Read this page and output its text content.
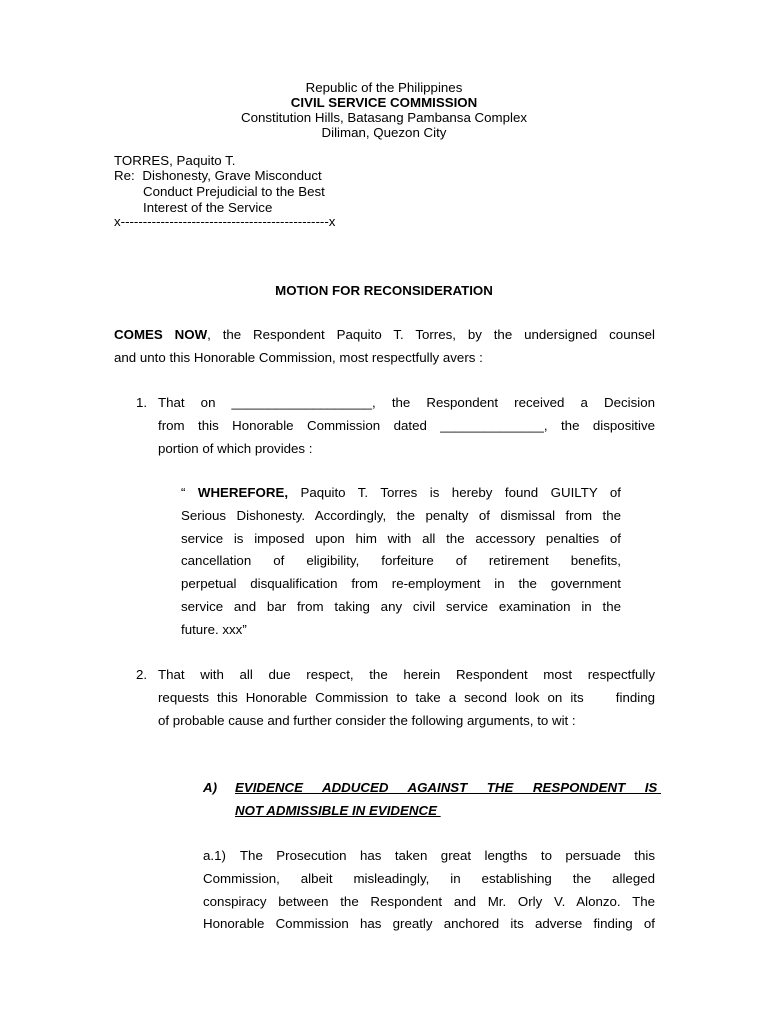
Republic of the Philippines
CIVIL SERVICE COMMISSION
Constitution Hills, Batasang Pambansa Complex
Diliman, Quezon City
TORRES, Paquito T.
Re: Dishonesty, Grave Misconduct
Conduct Prejudicial to the Best
Interest of the Service
x-----------------------------------------------x
MOTION FOR RECONSIDERATION
COMES NOW, the Respondent Paquito T. Torres, by the undersigned counsel
and unto this Honorable Commission, most respectfully avers :
1. That on ___________________, the Respondent received a Decision
from this Honorable Commission dated ______________, the dispositive
portion of which provides :
“ WHEREFORE, Paquito T. Torres is hereby found GUILTY of
Serious Dishonesty. Accordingly, the penalty of dismissal from the
service is imposed upon him with all the accessory penalties of
cancellation of eligibility, forfeiture of retirement benefits,
perpetual disqualification from re-employment in the government
service and bar from taking any civil service examination in the
future. xxx”
2. That with all due respect, the herein Respondent most respectfully
requests this Honorable Commission to take a second look on its    finding
of probable cause and further consider the following arguments, to wit :
A) EVIDENCE ADDUCED AGAINST THE RESPONDENT IS
NOT ADMISSIBLE IN EVIDENCE
a.1) The Prosecution has taken great lengths to persuade this
Commission, albeit misleadingly, in establishing the alleged
conspiracy between the Respondent and Mr. Orly V. Alonzo. The
Honorable Commission has greatly anchored its adverse finding of
